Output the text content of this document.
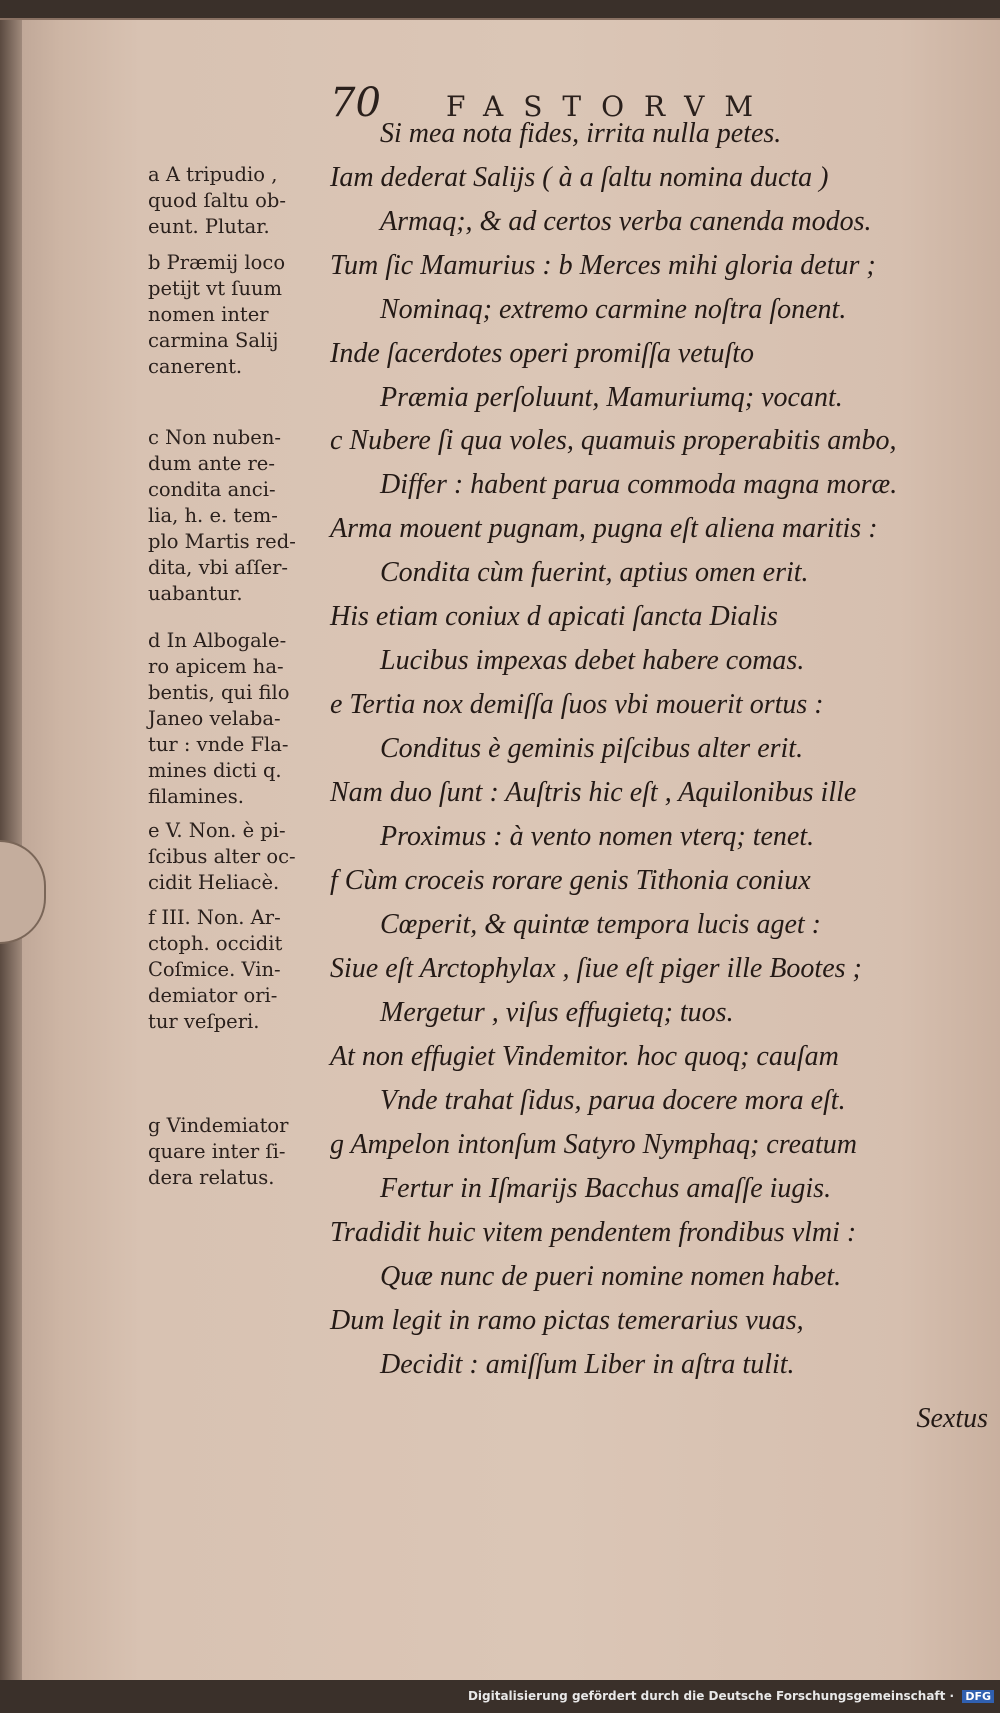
70 FASTORVM
a A tripudio ,
quod ſaltu ob-
eunt. Plutar.
b Præmij loco
petijt vt ſuum
nomen inter
carmina Salij
canerent.
c Non nuben-
dum ante re-
condita anci-
lia, h. e. tem-
plo Martis red-
dita, vbi aſſer-
uabantur.
d In Albogale-
ro apicem ha-
bentis, qui filo
Janeo velaba-
tur : vnde Fla-
mines dicti q.
filamines.
e V. Non. è pi-
ſcibus alter oc-
cidit Heliacè.
f III. Non. Ar-
ctoph. occidit
Coſmice. Vin-
demiator ori-
tur veſperi.
g Vindemiator
quare inter ſi-
dera relatus.
Si mea nota fides, irrita nulla petes.
Iam dederat Salijs ( à a ſaltu nomina ducta )
Armaq;, & ad certos verba canenda modos.
Tum ſic Mamurius : b Merces mihi gloria detur ;
Nominaq; extremo carmine noſtra ſonent.
Inde ſacerdotes operi promiſſa vetuſto
Præmia perſoluunt, Mamuriumq; vocant.
c Nubere ſi qua voles, quamuis properabitis ambo,
Differ : habent parua commoda magna moræ.
Arma mouent pugnam, pugna eſt aliena maritis :
Condita cùm fuerint, aptius omen erit.
His etiam coniux d apicati ſancta Dialis
Lucibus impexas debet habere comas.
e Tertia nox demiſſa ſuos vbi mouerit ortus :
Conditus è geminis piſcibus alter erit.
Nam duo ſunt : Auſtris hic eſt , Aquilonibus ille
Proximus : à vento nomen vterq; tenet.
f Cùm croceis rorare genis Tithonia coniux
Cœperit, & quintæ tempora lucis aget :
Siue eſt Arctophylax , ſiue eſt piger ille Bootes ;
Mergetur , viſus effugietq; tuos.
At non effugiet Vindemitor. hoc quoq; cauſam
Vnde trahat ſidus, parua docere mora eſt.
g Ampelon intonſum Satyro Nymphaq; creatum
Fertur in Iſmarijs Bacchus amaſſe iugis.
Tradidit huic vitem pendentem frondibus vlmi :
Quæ nunc de pueri nomine nomen habet.
Dum legit in ramo pictas temerarius vuas,
Decidit : amiſſum Liber in aſtra tulit.
Sextus
Digitalisierung gefördert durch die Deutsche Forschungsgemeinschaft · DFG
